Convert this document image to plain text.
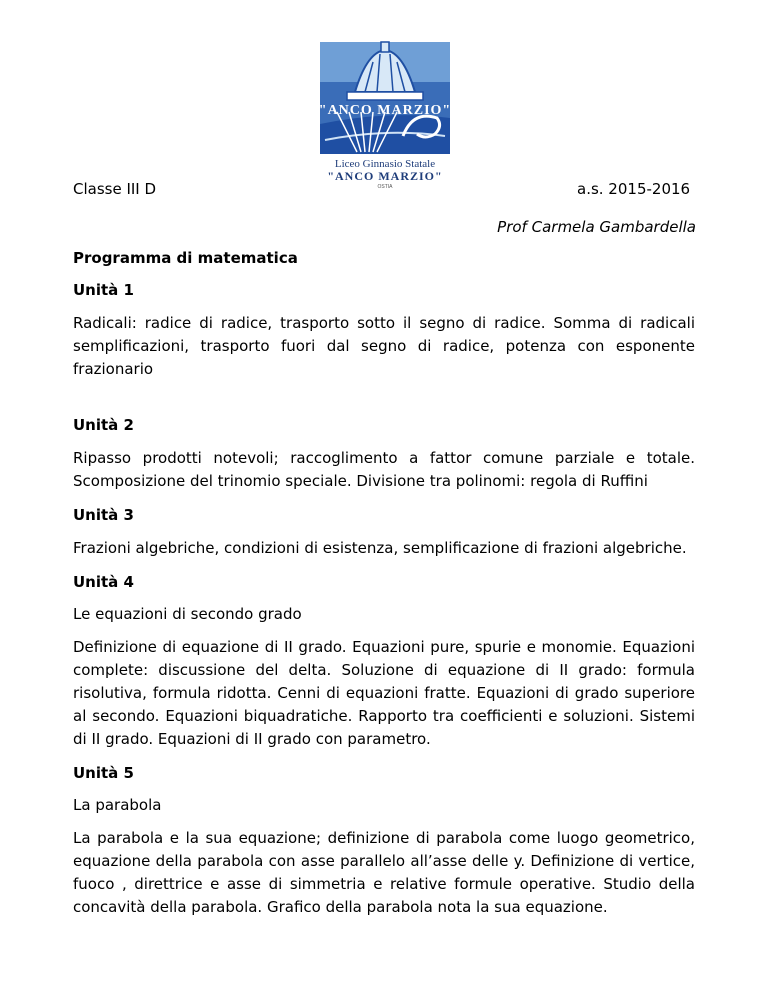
"ANCO MARZIO"
Liceo Ginnasio Statale
"ANCO MARZIO"
OSTIA
Classe III D	a.s. 2015-2016
Prof Carmela Gambardella
Programma di matematica
Unità 1

Radicali: radice di radice, trasporto sotto il segno di radice. Somma di radicali semplificazioni, trasporto fuori dal segno di radice, potenza con esponente frazionario

Unità 2

Ripasso prodotti notevoli; raccoglimento a fattor comune parziale e totale. Scomposizione del trinomio speciale. Divisione tra polinomi: regola di Ruffini

Unità 3

Frazioni algebriche, condizioni di esistenza, semplificazione di frazioni algebriche.

Unità 4
Le equazioni di secondo grado

Definizione di equazione di II grado. Equazioni pure, spurie e monomie. Equazioni complete: discussione del delta. Soluzione di equazione di II grado: formula risolutiva, formula ridotta. Cenni di equazioni fratte. Equazioni di grado superiore al secondo. Equazioni biquadratiche. Rapporto tra coefficienti e soluzioni. Sistemi di II grado. Equazioni di II grado con parametro.

Unità 5
La parabola

La parabola e la sua equazione; definizione di parabola come luogo geometrico, equazione della parabola con asse parallelo all’asse delle y. Definizione di vertice, fuoco , direttrice e asse di simmetria e relative formule operative. Studio della concavità della parabola. Grafico della parabola nota la sua equazione.
